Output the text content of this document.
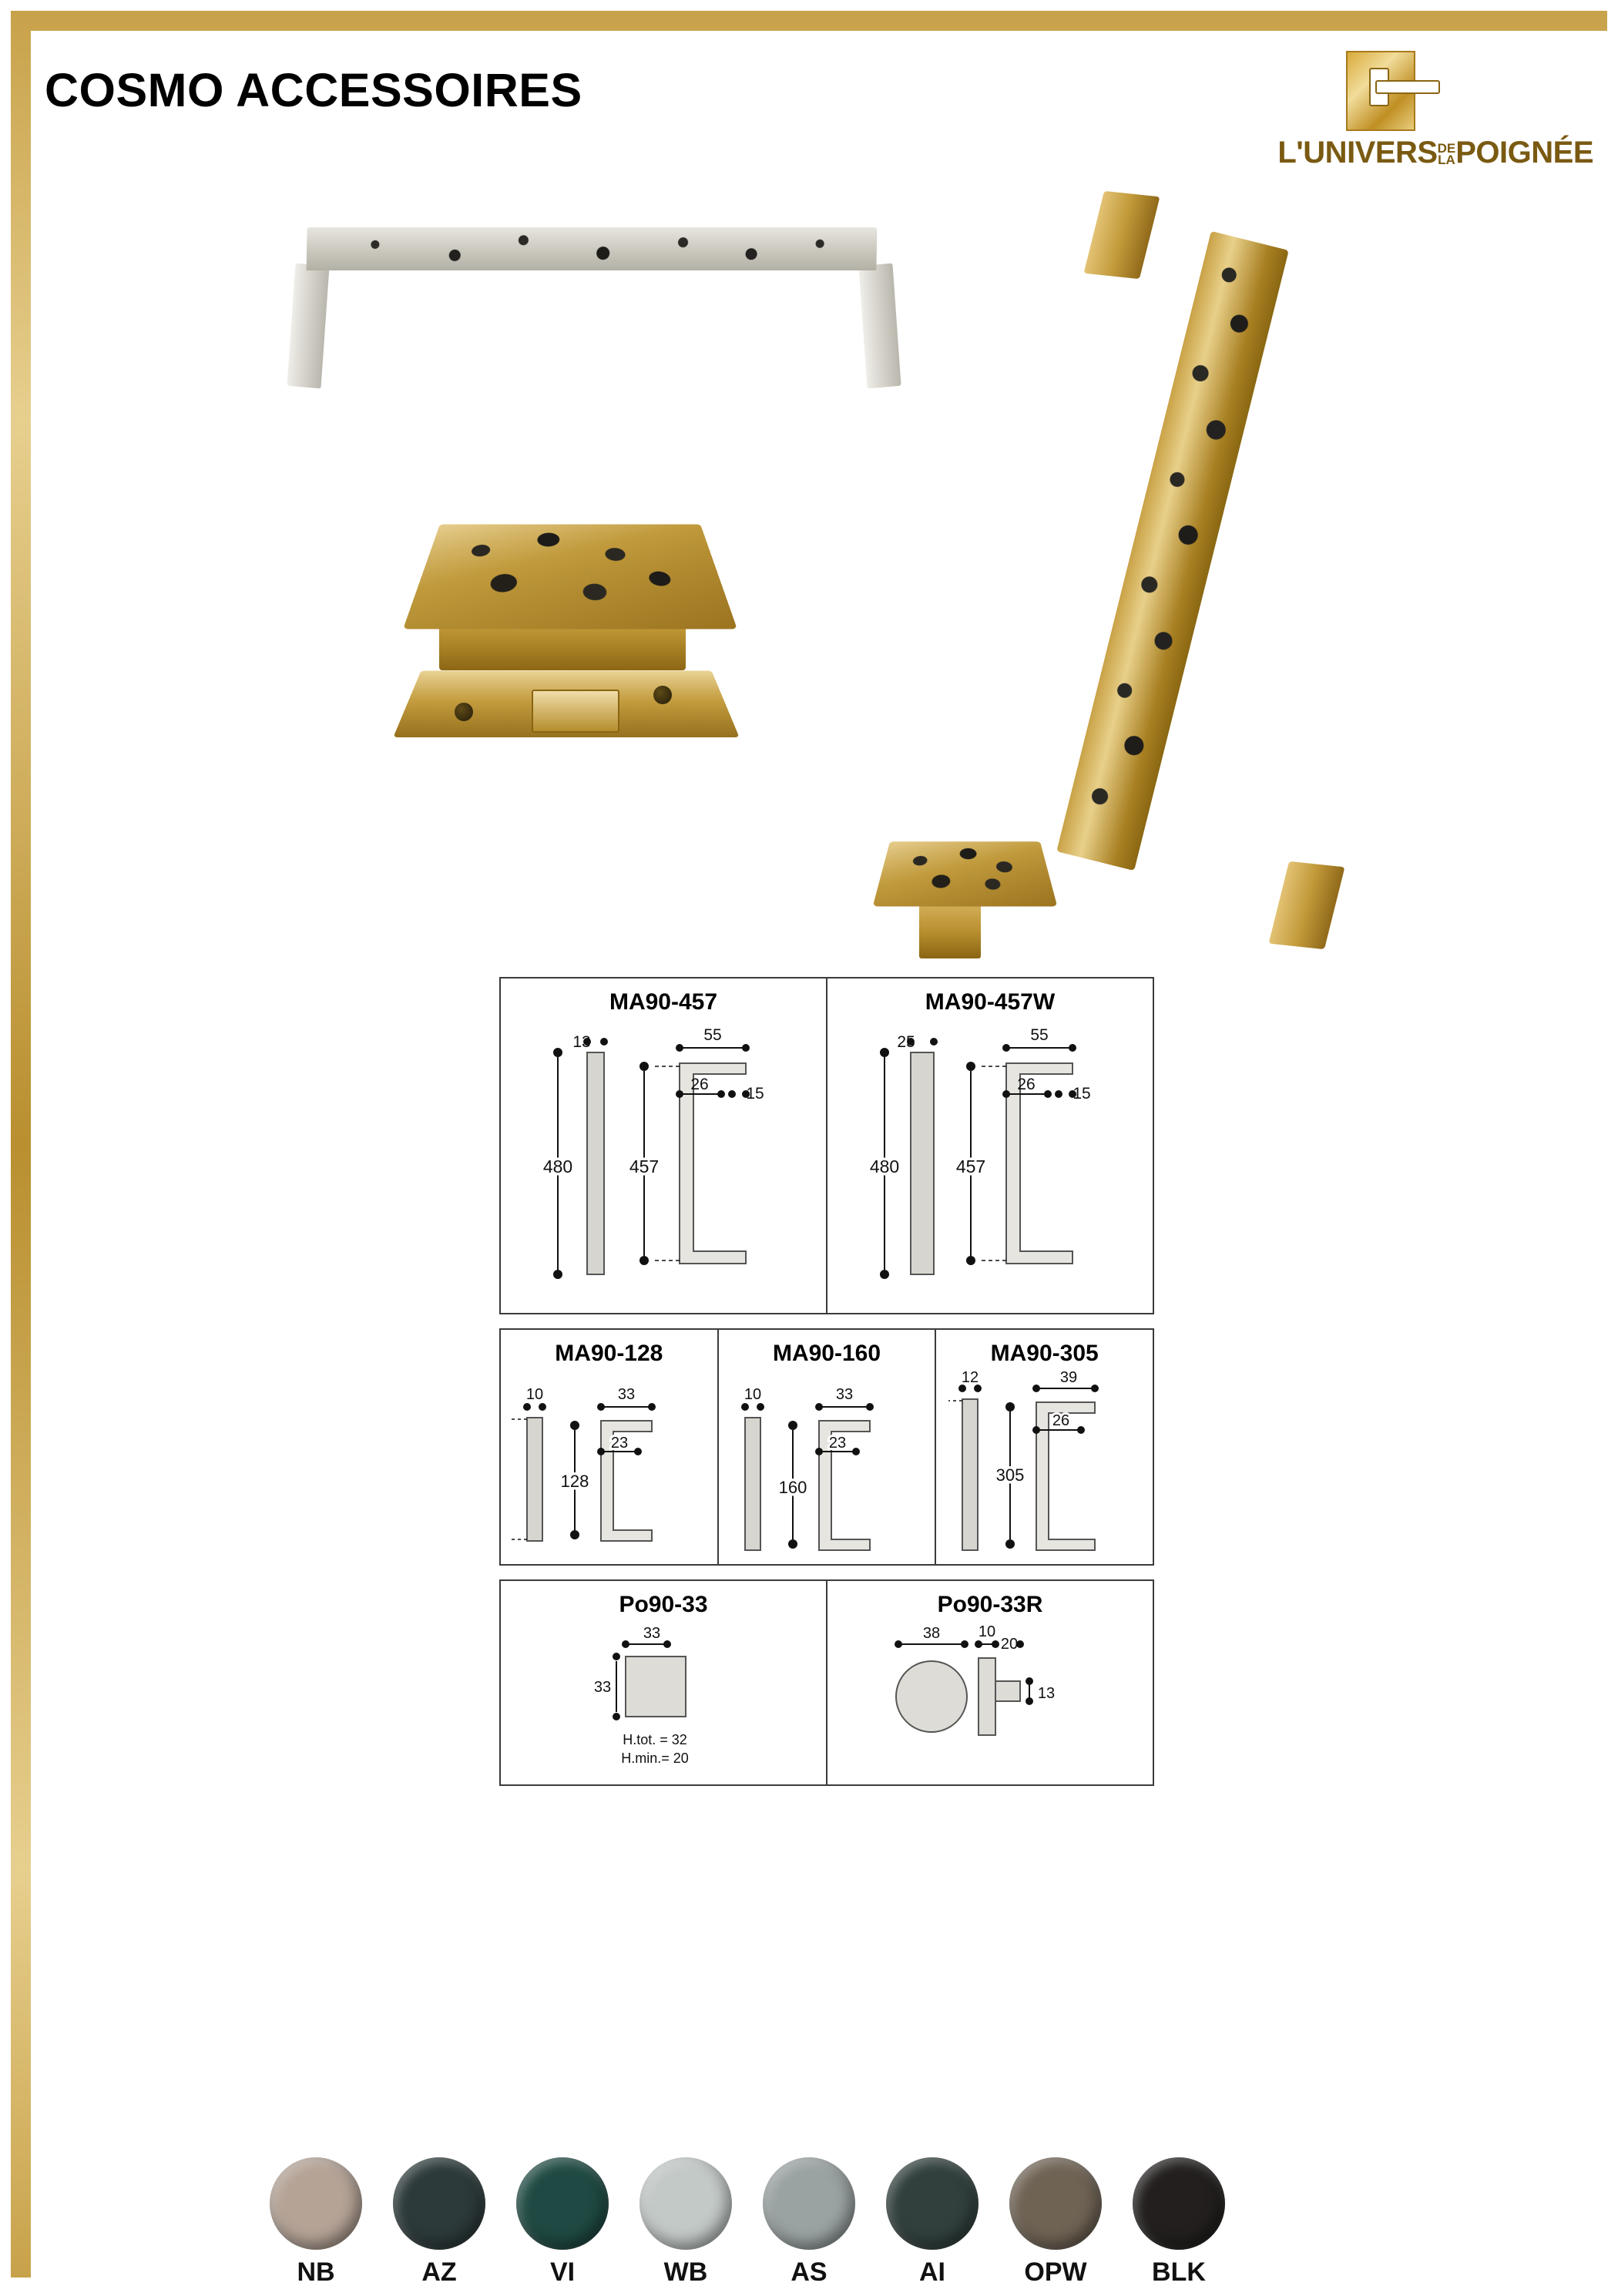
COSMO ACCESSOIRES
L'UNIVERSDE
LAPOIGNÉE
MA90-457
13	55
26
15
480	457
MA90-457W
25	55
26
15
480	457
MA90-128
10	33
23
128
MA90-160
10	33
23
160
MA90-305
12	39
26
305
Po90-33
33
33
H.tot. = 32
H.min.= 20
Po90-33R
38 10
20
13
NB	AZ	VI	WB	AS	AI	OPW	BLK
